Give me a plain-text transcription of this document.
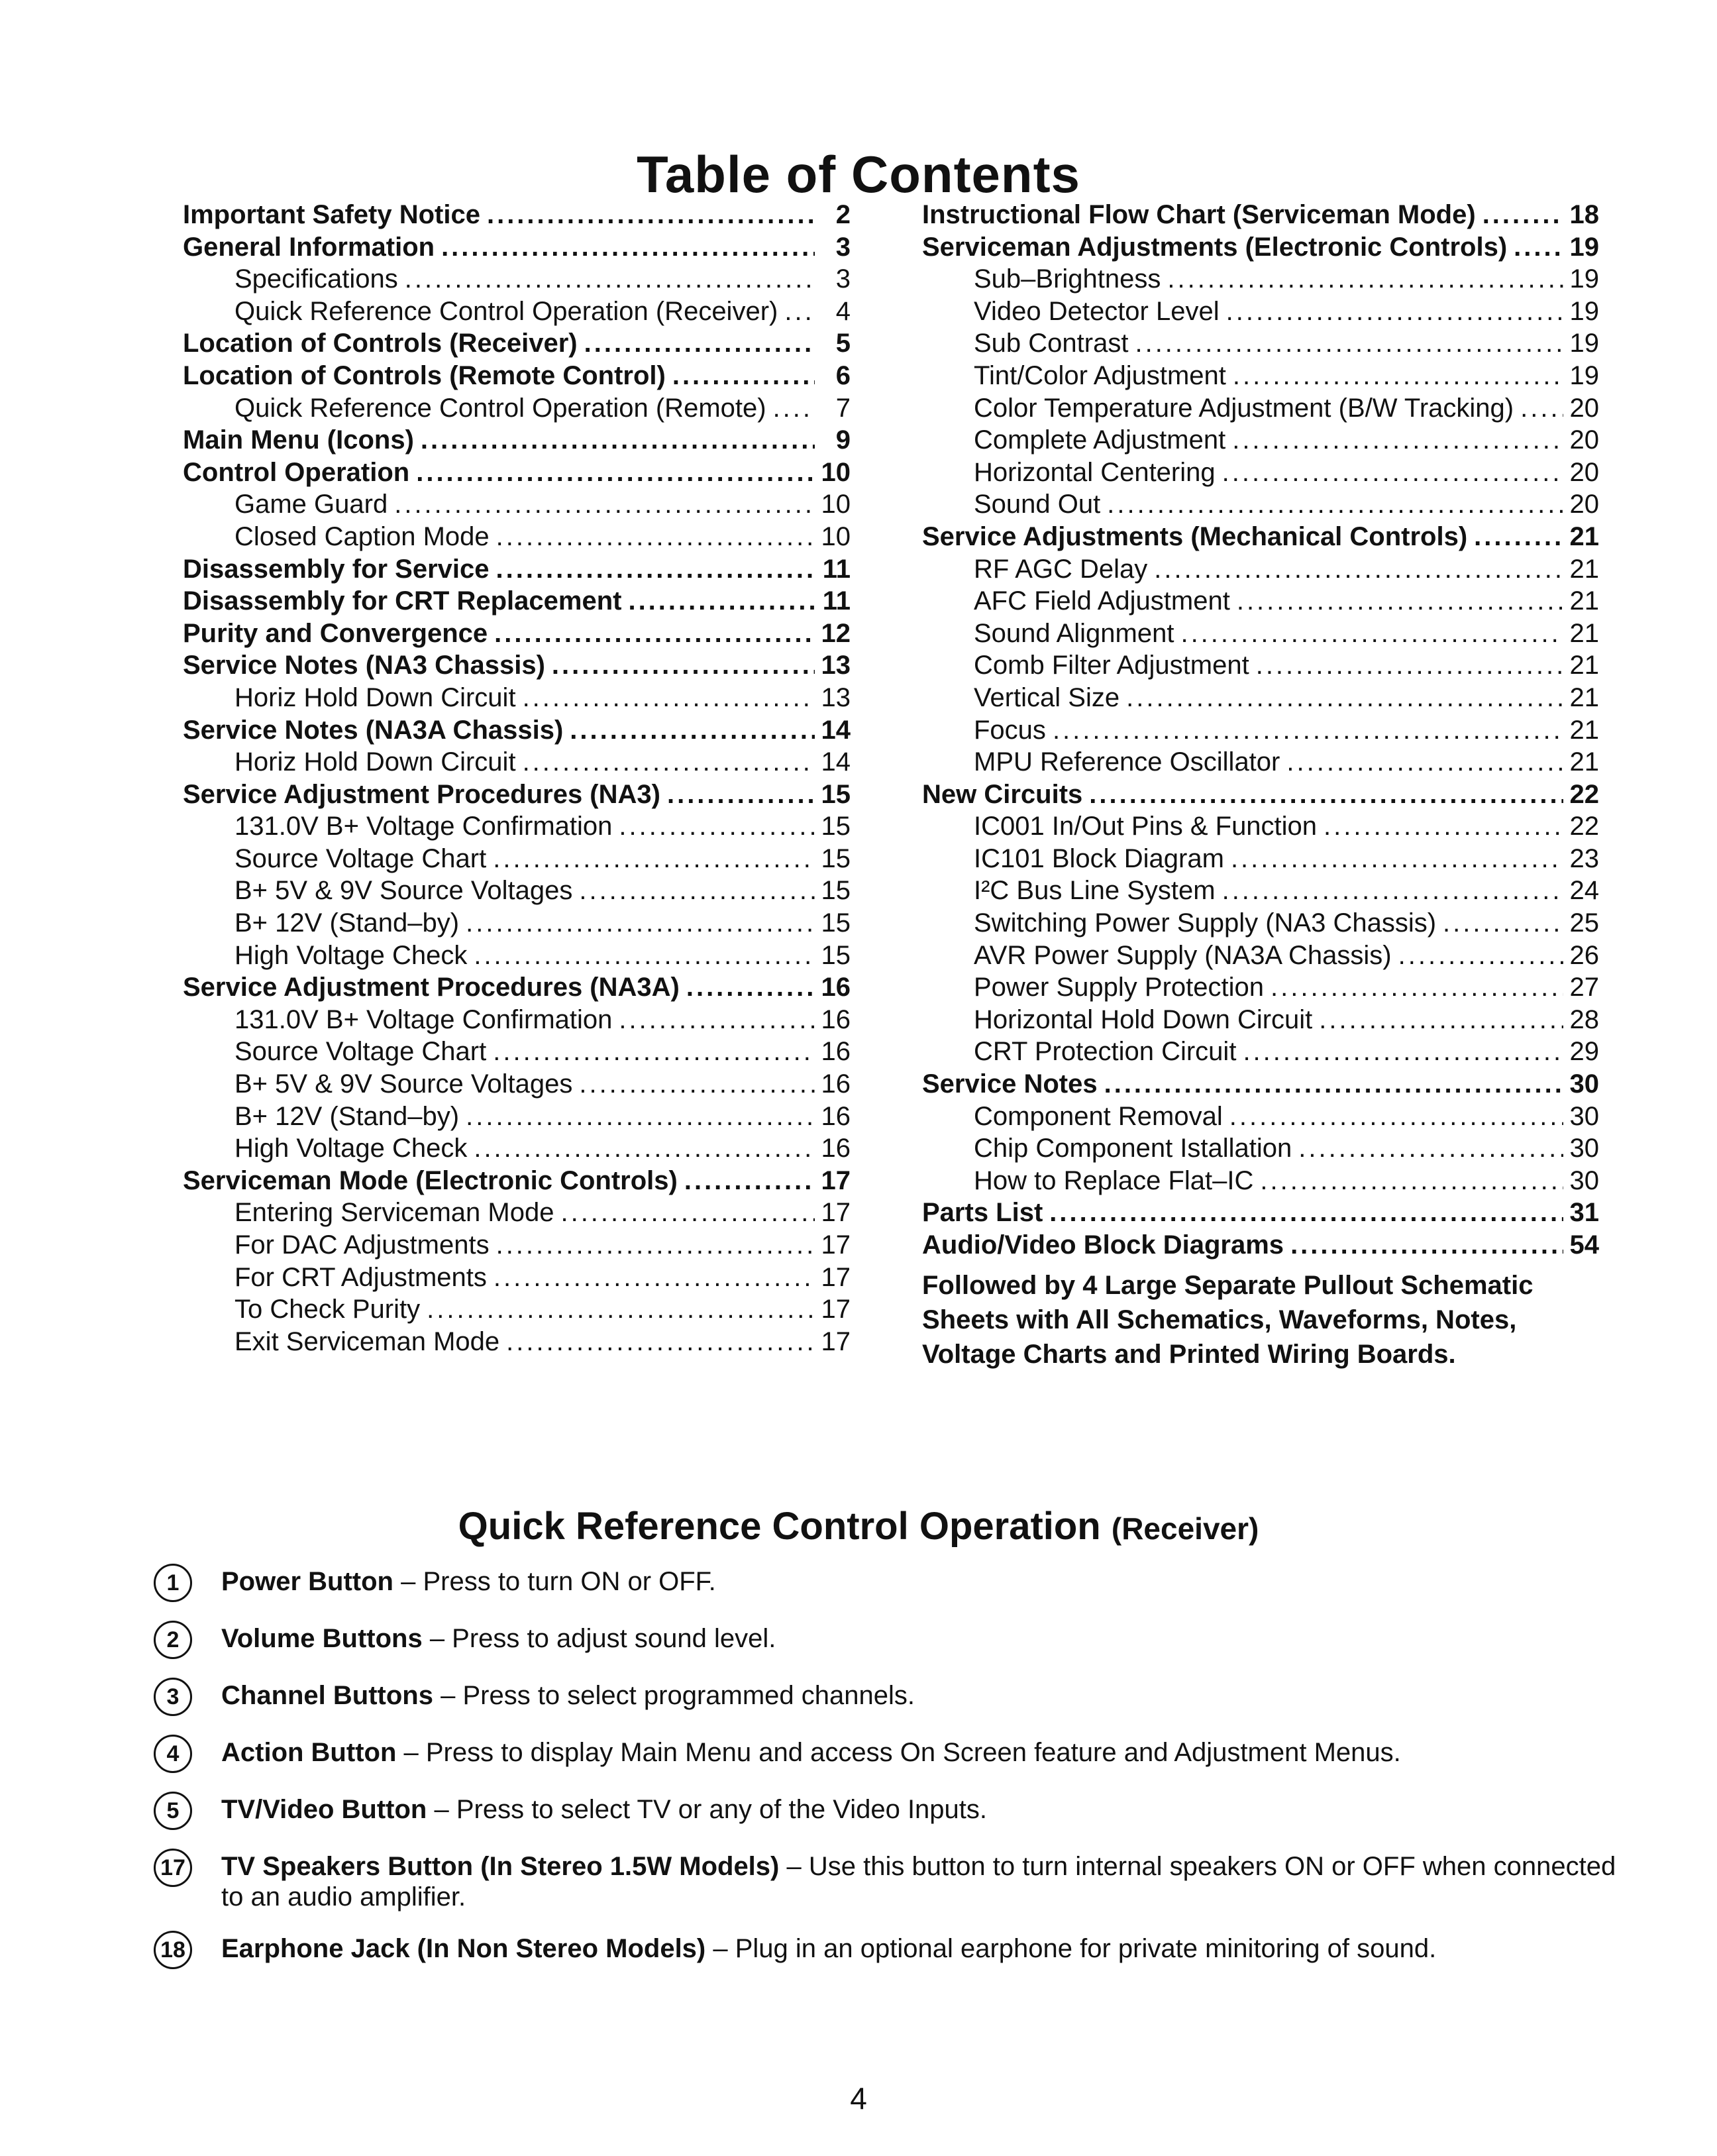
Table of Contents
Important Safety Notice .....	2
General Information .....	3
Specifications .....	3
Quick Reference Control Operation (Receiver) .....	4
Location of Controls (Receiver) .....	5
Location of Controls (Remote Control) .....	6
Quick Reference Control Operation (Remote) .....	7
Main Menu (Icons) .....	9
Control Operation .....	10
Game Guard .....	10
Closed Caption Mode .....	10
Disassembly for Service .....	11
Disassembly for CRT Replacement .....	11
Purity and Convergence .....	12
Service Notes (NA3 Chassis) .....	13
Horiz Hold Down Circuit .....	13
Service Notes (NA3A Chassis) .....	14
Horiz Hold Down Circuit .....	14
Service Adjustment Procedures (NA3) .....	15
131.0V B+ Voltage Confirmation .....	15
Source Voltage Chart .....	15
B+ 5V & 9V Source Voltages .....	15
B+ 12V (Stand–by) .....	15
High Voltage Check .....	15
Service Adjustment Procedures (NA3A) .....	16
131.0V B+ Voltage Confirmation .....	16
Source Voltage Chart .....	16
B+ 5V & 9V Source Voltages .....	16
B+ 12V (Stand–by) .....	16
High Voltage Check .....	16
Serviceman Mode (Electronic Controls) .....	17
Entering Serviceman Mode .....	17
For DAC Adjustments .....	17
For CRT Adjustments .....	17
To Check Purity .....	17
Exit Serviceman Mode .....	17
Instructional Flow Chart (Serviceman Mode) .....	18
Serviceman Adjustments (Electronic Controls) ..... 19
Sub–Brightness .....	19
Video Detector Level .....	19
Sub Contrast .....	19
Tint/Color Adjustment .....	19
Color Temperature Adjustment (B/W Tracking) ..... 20
Complete Adjustment .....	20
Horizontal Centering .....	20
Sound Out .....	20
Service Adjustments (Mechanical Controls) .....	21
RF AGC Delay .....	21
AFC Field Adjustment .....	21
Sound Alignment .....	21
Comb Filter Adjustment .....	21
Vertical Size .....	21
Focus .....	21
MPU Reference Oscillator .....	21
New Circuits .....	22
IC001 In/Out Pins & Function .....	22
IC101 Block Diagram .....	23
I²C Bus Line System .....	24
Switching Power Supply (NA3 Chassis) .....	25
AVR Power Supply (NA3A Chassis) .....	26
Power Supply Protection .....	27
Horizontal Hold Down Circuit .....	28
CRT Protection Circuit .....	29
Service Notes .....	30
Component Removal .....	30
Chip Component Istallation .....	30
How to Replace Flat–IC .....	30
Parts List .....	31
Audio/Video Block Diagrams .....	54
Followed by 4 Large Separate Pullout Schematic Sheets with All Schematics, Waveforms, Notes, Voltage Charts and Printed Wiring Boards.
Quick Reference Control Operation (Receiver)
1	Power Button – Press to turn ON or OFF.
2	Volume Buttons – Press to adjust sound level.
3	Channel Buttons – Press to select programmed channels.
4	Action Button – Press to display Main Menu and access On Screen feature and Adjustment Menus.
5	TV/Video Button – Press to select TV or any of the Video Inputs.
17 TV Speakers Button (In Stereo 1.5W Models) – Use this button to turn internal speakers ON or OFF when connected to an audio amplifier.
18 Earphone Jack (In Non Stereo Models) – Plug in an optional earphone for private minitoring of sound.
4
